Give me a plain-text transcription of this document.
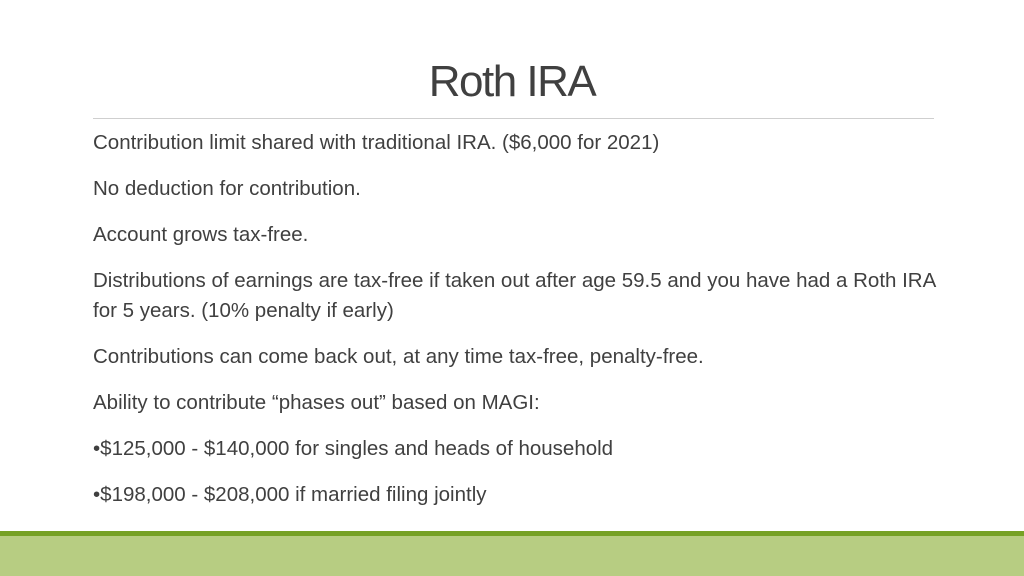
Roth IRA

Contribution limit shared with traditional IRA. ($6,000 for 2021)

No deduction for contribution.

Account grows tax-free.

Distributions of earnings are tax-free if taken out after age 59.5 and you have had a Roth IRA for 5 years. (10% penalty if early)

Contributions can come back out, at any time tax-free, penalty-free.

Ability to contribute “phases out” based on MAGI:

•$125,000 - $140,000 for singles and heads of household

•$198,000 - $208,000 if married filing jointly
